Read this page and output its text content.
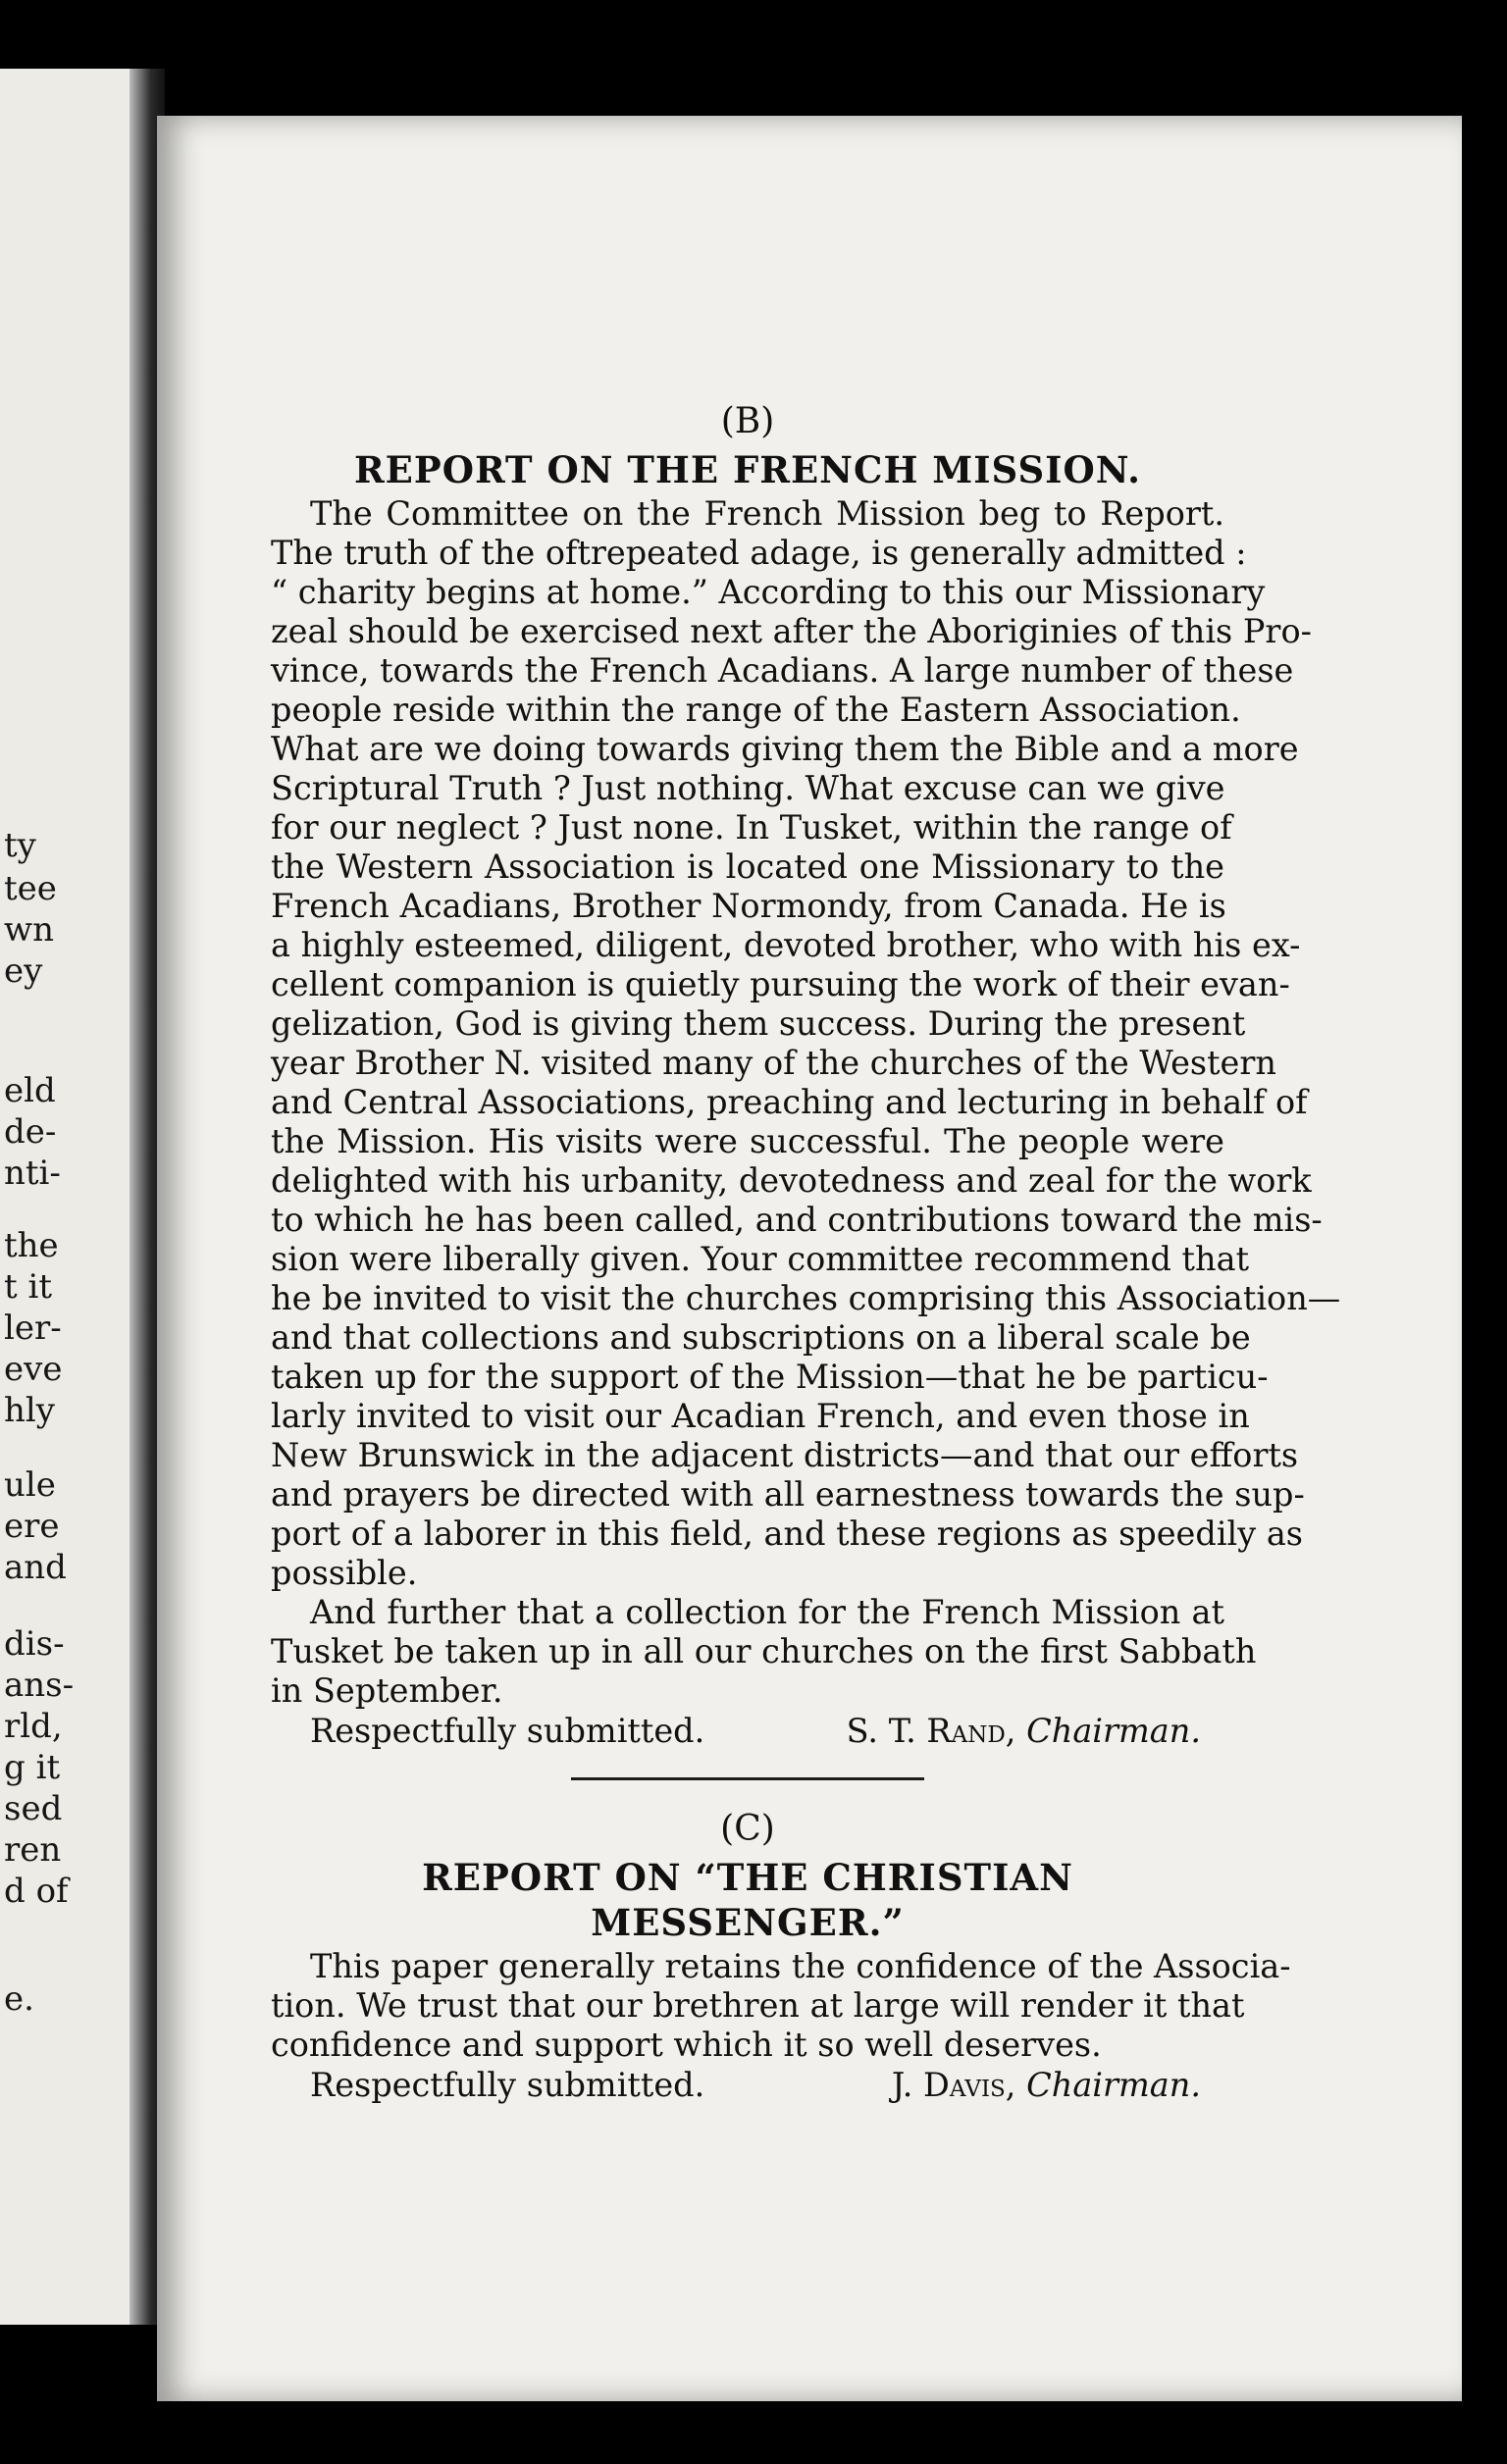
ty
tee
wn
ey
eld
de-
nti-
the
t it
ler-
eve
hly
ule
ere
and
dis-
ans-
rld,
g it
sed
ren
d of
e.

(B)

REPORT ON THE FRENCH MISSION.

The Committee on the French Mission beg to Report.

The truth of the oftrepeated adage, is generally admitted :

“ charity begins at home.” According to this our Missionary

zeal should be exercised next after the Aboriginies of this Pro-

vince, towards the French Acadians. A large number of these

people reside within the range of the Eastern Association.

What are we doing towards giving them the Bible and a more

Scriptural Truth ? Just nothing. What excuse can we give

for our neglect ? Just none. In Tusket, within the range of

the Western Association is located one Missionary to the

French Acadians, Brother Normondy, from Canada. He is

a highly esteemed, diligent, devoted brother, who with his ex-

cellent companion is quietly pursuing the work of their evan-

gelization, God is giving them success. During the present

year Brother N. visited many of the churches of the Western

and Central Associations, preaching and lecturing in behalf of

the Mission. His visits were successful. The people were

delighted with his urbanity, devotedness and zeal for the work

to which he has been called, and contributions toward the mis-

sion were liberally given. Your committee recommend that

he be invited to visit the churches comprising this Association—

and that collections and subscriptions on a liberal scale be

taken up for the support of the Mission—that he be particu-

larly invited to visit our Acadian French, and even those in

New Brunswick in the adjacent districts—and that our efforts

and prayers be directed with all earnestness towards the sup-

port of a laborer in this field, and these regions as speedily as

possible.

And further that a collection for the French Mission at

Tusket be taken up in all our churches on the first Sabbath

in September.

Respectfully submitted.	S. T. Rand, Chairman.

(C)

REPORT ON “THE CHRISTIAN MESSENGER.”

This paper generally retains the confidence of the Associa-

tion. We trust that our brethren at large will render it that

confidence and support which it so well deserves.

Respectfully submitted.	J. Davis, Chairman.
